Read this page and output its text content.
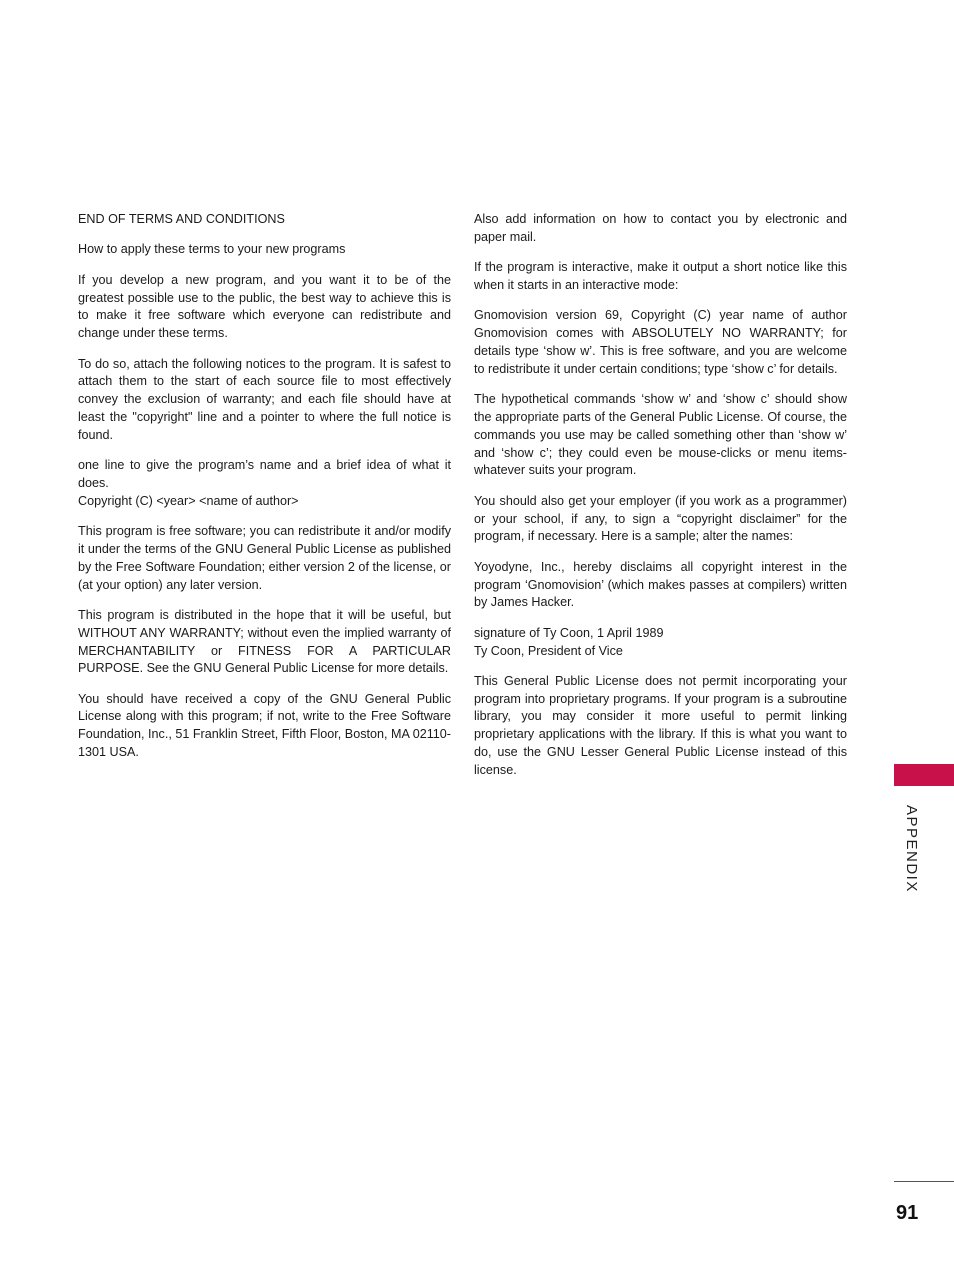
END OF TERMS AND CONDITIONS

How to apply these terms to your new programs

If you develop a new program, and you want it to be of the greatest possible use to the public, the best way to achieve this is to make it free software which everyone can redistribute and change under these terms.

To do so, attach the following notices to the program. It is safest to attach them to the start of each source file to most effectively convey the exclusion of warranty; and each file should have at least the "copyright" line and a pointer to where the full notice is found.

one line to give the program’s name and a brief idea of what it does.

Copyright (C) <year> <name of author>

This program is free software; you can redistribute it and/or modify it under the terms of the GNU General Public License as published by the Free Software Foundation; either version 2 of the license, or (at your option) any later version.

This program is distributed in the hope that it will be useful, but WITHOUT ANY WARRANTY; without even the implied warranty of MERCHANTABILITY or FITNESS FOR A PARTICULAR PURPOSE. See the GNU General Public License for more details.

You should have received a copy of the GNU General Public License along with this program; if not, write to the Free Software Foundation, Inc., 51 Franklin Street, Fifth Floor, Boston, MA 02110-1301 USA.

Also add information on how to contact you by electronic and paper mail.

If the program is interactive, make it output a short notice like this when it starts in an interactive mode:

Gnomovision version 69, Copyright (C) year name of author Gnomovision comes with ABSOLUTELY NO WARRANTY; for details type ‘show w’. This is free software, and you are welcome to redistribute it under certain conditions; type ‘show c’ for details.

The hypothetical commands ‘show w’ and ‘show c’ should show the appropriate parts of the General Public License. Of course, the commands you use may be called something other than ‘show w’ and ‘show c’; they could even be mouse-clicks or menu items-whatever suits your program.

You should also get your employer (if you work as a programmer) or your school, if any, to sign a “copyright disclaimer” for the program, if necessary. Here is a sample; alter the names:

Yoyodyne, Inc., hereby disclaims all copyright interest in the program ‘Gnomovision’ (which makes passes at compilers) written by James Hacker.

signature of Ty Coon, 1 April 1989
Ty Coon, President of Vice

This General Public License does not permit incorporating your program into proprietary programs. If your program is a subroutine library, you may consider it more useful to permit linking proprietary applications with the library. If this is what you want to do, use the GNU Lesser General Public License instead of this license.

APPENDIX
91
